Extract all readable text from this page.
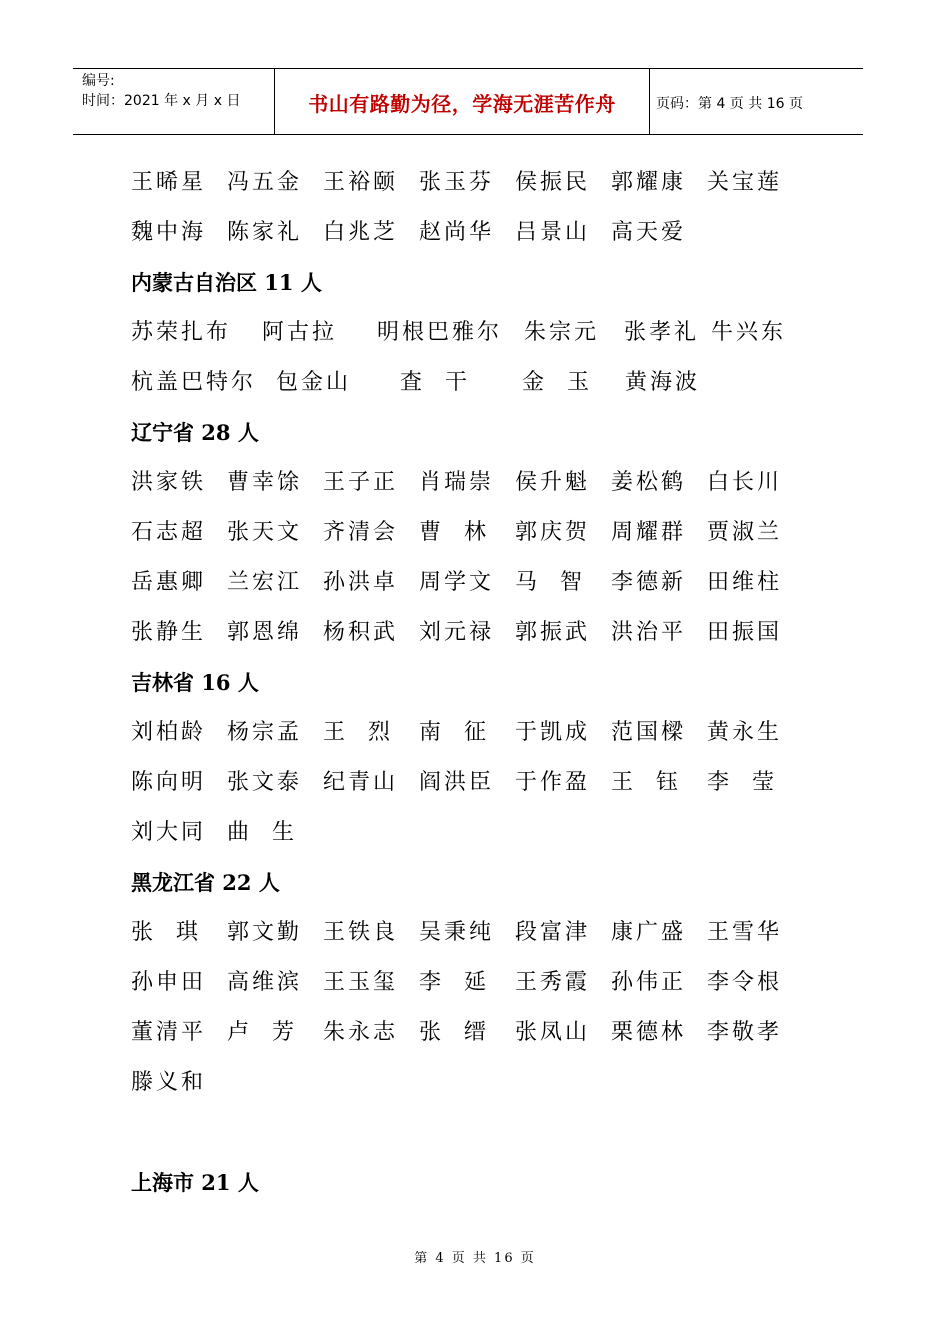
编号:
时间：2021 年 x 月 x 日	书山有路勤为径，学海无涯苦作舟	页码：第 4 页 共 16 页
王晞星 冯五金 王裕颐 张玉芬 侯振民 郭耀康 关宝莲
魏中海 陈家礼 白兆芝 赵尚华 吕景山 高天爱
内蒙古自治区 11 人
苏荣扎布 阿古拉 明根巴雅尔 朱宗元 张孝礼 牛兴东
杭盖巴特尔 包金山 査  干 金  玉 黄海波
辽宁省 28 人
洪家铁 曹幸馀 王子正 肖瑞崇 侯升魁 姜松鹤 白长川
石志超 张天文 齐清会 曹  林 郭庆贺 周耀群 贾淑兰
岳惠卿 兰宏江 孙洪卓 周学文 马  智 李德新 田维柱
张静生 郭恩绵 杨积武 刘元禄 郭振武 洪治平 田振国
吉林省 16 人
刘柏龄 杨宗孟 王  烈 南  征 于凯成 范国樑 黄永生
陈向明 张文泰 纪青山 阎洪臣 于作盈 王  钰 李  莹
刘大同 曲  生
黑龙江省 22 人
张  琪 郭文勤 王铁良 吴秉纯 段富津 康广盛 王雪华
孙申田 高维滨 王玉玺 李  延 王秀霞 孙伟正 李令根
董清平 卢  芳 朱永志 张  缙 张凤山 栗德林 李敬孝
滕义和
上海市 21 人
第 4 页 共 16 页
